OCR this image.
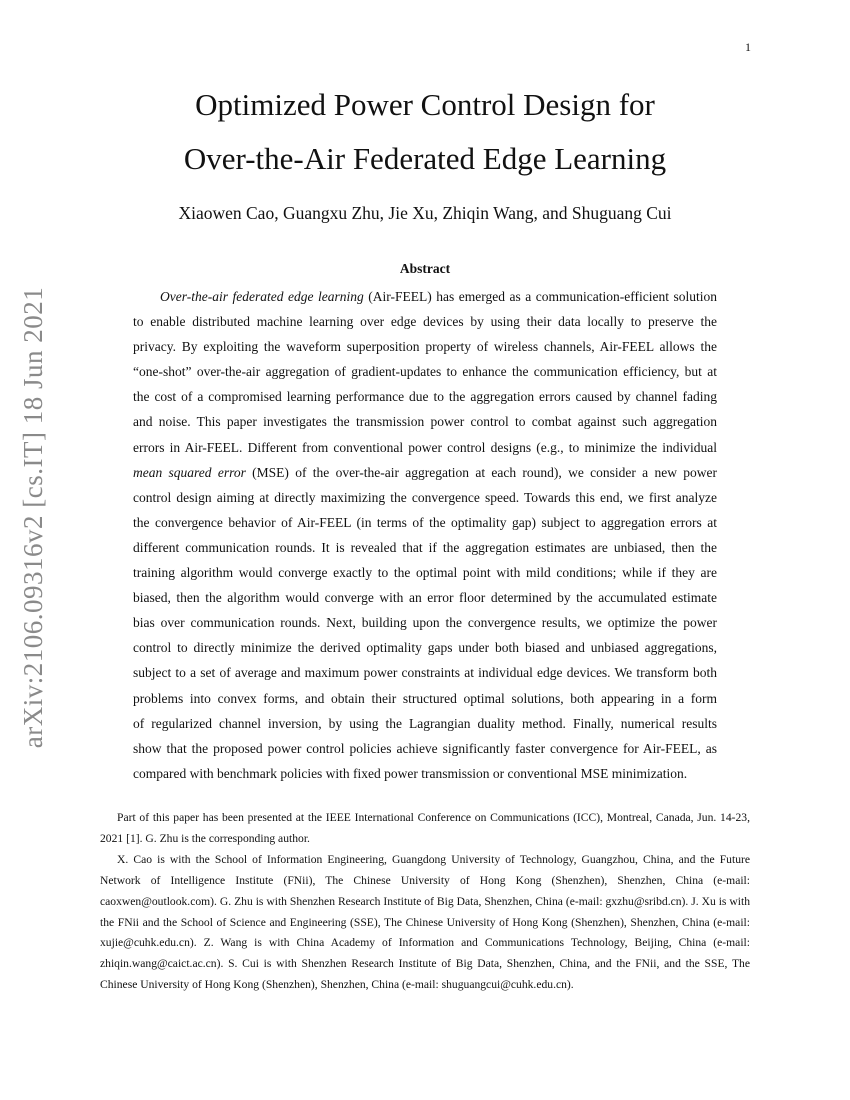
1
arXiv:2106.09316v2 [cs.IT] 18 Jun 2021
Optimized Power Control Design for
Over-the-Air Federated Edge Learning
Xiaowen Cao, Guangxu Zhu, Jie Xu, Zhiqin Wang, and Shuguang Cui
Abstract
Over-the-air federated edge learning (Air-FEEL) has emerged as a communication-efficient solution
to enable distributed machine learning over edge devices by using their data locally to preserve the
privacy. By exploiting the waveform superposition property of wireless channels, Air-FEEL allows the
“one-shot” over-the-air aggregation of gradient-updates to enhance the communication efficiency, but at
the cost of a compromised learning performance due to the aggregation errors caused by channel fading
and noise. This paper investigates the transmission power control to combat against such aggregation
errors in Air-FEEL. Different from conventional power control designs (e.g., to minimize the individual
mean squared error (MSE) of the over-the-air aggregation at each round), we consider a new power
control design aiming at directly maximizing the convergence speed. Towards this end, we first analyze
the convergence behavior of Air-FEEL (in terms of the optimality gap) subject to aggregation errors at
different communication rounds. It is revealed that if the aggregation estimates are unbiased, then the
training algorithm would converge exactly to the optimal point with mild conditions; while if they are
biased, then the algorithm would converge with an error floor determined by the accumulated estimate
bias over communication rounds. Next, building upon the convergence results, we optimize the power
control to directly minimize the derived optimality gaps under both biased and unbiased aggregations,
subject to a set of average and maximum power constraints at individual edge devices. We transform both
problems into convex forms, and obtain their structured optimal solutions, both appearing in a form
of regularized channel inversion, by using the Lagrangian duality method. Finally, numerical results
show that the proposed power control policies achieve significantly faster convergence for Air-FEEL, as
compared with benchmark policies with fixed power transmission or conventional MSE minimization.

Part of this paper has been presented at the IEEE International Conference on Communications (ICC), Montreal, Canada, Jun. 14-23, 2021 [1]. G. Zhu is the corresponding author.

X. Cao is with the School of Information Engineering, Guangdong University of Technology, Guangzhou, China, and the Future Network of Intelligence Institute (FNii), The Chinese University of Hong Kong (Shenzhen), Shenzhen, China (e-mail: caoxwen@outlook.com). G. Zhu is with Shenzhen Research Institute of Big Data, Shenzhen, China (e-mail: gxzhu@sribd.cn). J. Xu is with the FNii and the School of Science and Engineering (SSE), The Chinese University of Hong Kong (Shenzhen), Shenzhen, China (e-mail: xujie@cuhk.edu.cn). Z. Wang is with China Academy of Information and Communications Technology, Beijing, China (e-mail: zhiqin.wang@caict.ac.cn). S. Cui is with Shenzhen Research Institute of Big Data, Shenzhen, China, and the FNii, and the SSE, The Chinese University of Hong Kong (Shenzhen), Shenzhen, China (e-mail: shuguangcui@cuhk.edu.cn).
